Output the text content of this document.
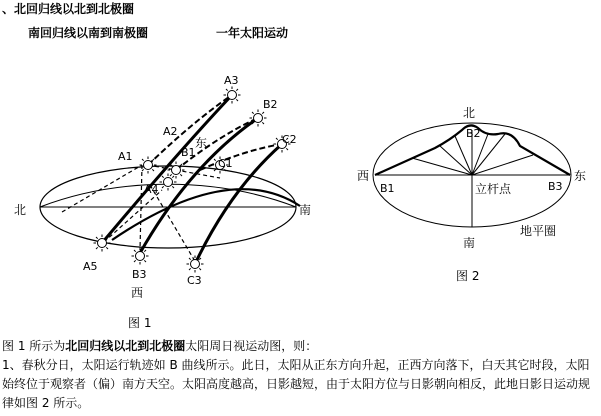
、北回归线以北到北极圈
南回归线以南到南极圈	一年太阳运动
A3
B2
C2
A2
A1	B1
C1
A4
A5
B3	C3
北	南
西
东
图 1
北
西	东
南
B1
B2
B3
立杆点
地平圈
图 2
图 1 所示为北回归线以北到北极圈太阳周日视运动图，则：
1、春秋分日，太阳运行轨迹如 B 曲线所示。此日，太阳从正东方向升起，正西方向落下，白天其它时段，太阳始终位于观察者（偏）南方天空。太阳高度越高，日影越短，由于太阳方位与日影朝向相反，此地日影日运动规律如图 2 所示。
